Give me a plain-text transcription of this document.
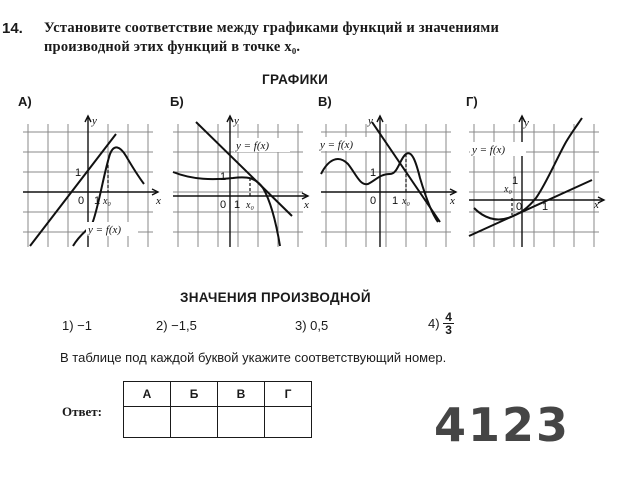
14. Установите соответствие между графиками функций и значениями
производной этих функций в точке x₀.
ГРАФИКИ
А)	Б)	В)	Г)
y
x
1
0 1 x₀
y = f(x)
y
x
0 1
1
x₀
y = f(x)
y
x
0 1
1
x₀
y = f(x)
y
x
0 1
1
x₀
y = f(x)
ЗНАЧЕНИЯ ПРОИЗВОДНОЙ
1) −1	2) −1,5	3) 0,5	$4) \frac{4}{3}$
В таблице под каждой буквой укажите соответствующий номер.
Ответ:
А	Б	В	Г

4123
